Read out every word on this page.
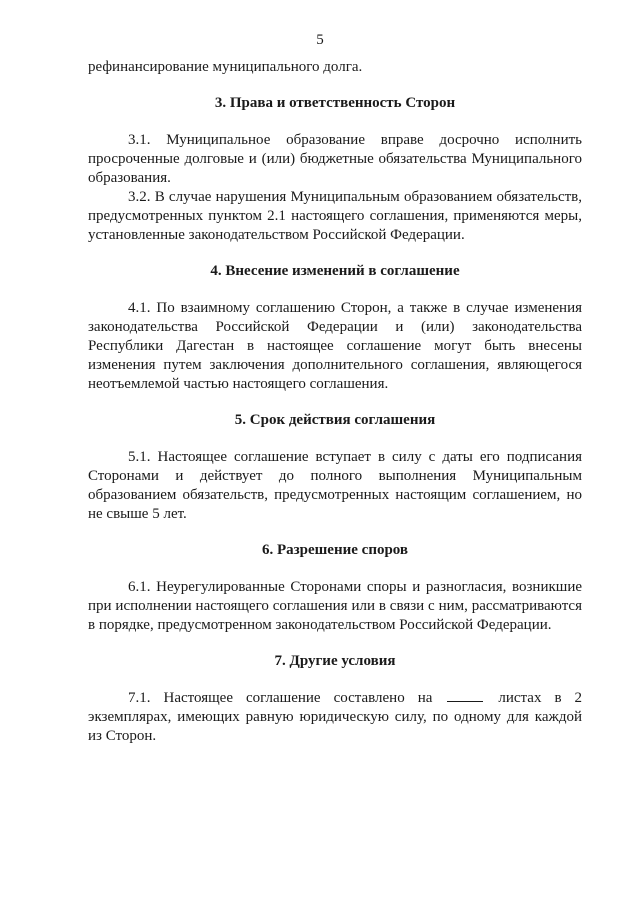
5

рефинансирование муниципального долга.

3. Права и ответственность Сторон

3.1. Муниципальное образование вправе досрочно исполнить просроченные долговые и (или) бюджетные обязательства Муниципального образования.

3.2. В случае нарушения Муниципальным образованием обязательств, предусмотренных пунктом 2.1 настоящего соглашения, применяются меры, установленные законодательством Российской Федерации.

4. Внесение изменений в соглашение

4.1. По взаимному соглашению Сторон, а также в случае изменения законодательства Российской Федерации и (или) законодательства Республики Дагестан в настоящее соглашение могут быть внесены изменения путем заключения дополнительного соглашения, являющегося неотъемлемой частью настоящего соглашения.

5. Срок действия соглашения

5.1. Настоящее соглашение вступает в силу с даты его подписания Сторонами и действует до полного выполнения Муниципальным образованием обязательств, предусмотренных настоящим соглашением, но не свыше 5 лет.

6. Разрешение споров

6.1. Неурегулированные Сторонами споры и разногласия, возникшие при исполнении настоящего соглашения или в связи с ним, рассматриваются в порядке, предусмотренном законодательством Российской Федерации.

7. Другие условия

7.1. Настоящее соглашение составлено на	листах в 2 экземплярах, имеющих равную юридическую силу, по одному для каждой из Сторон.
